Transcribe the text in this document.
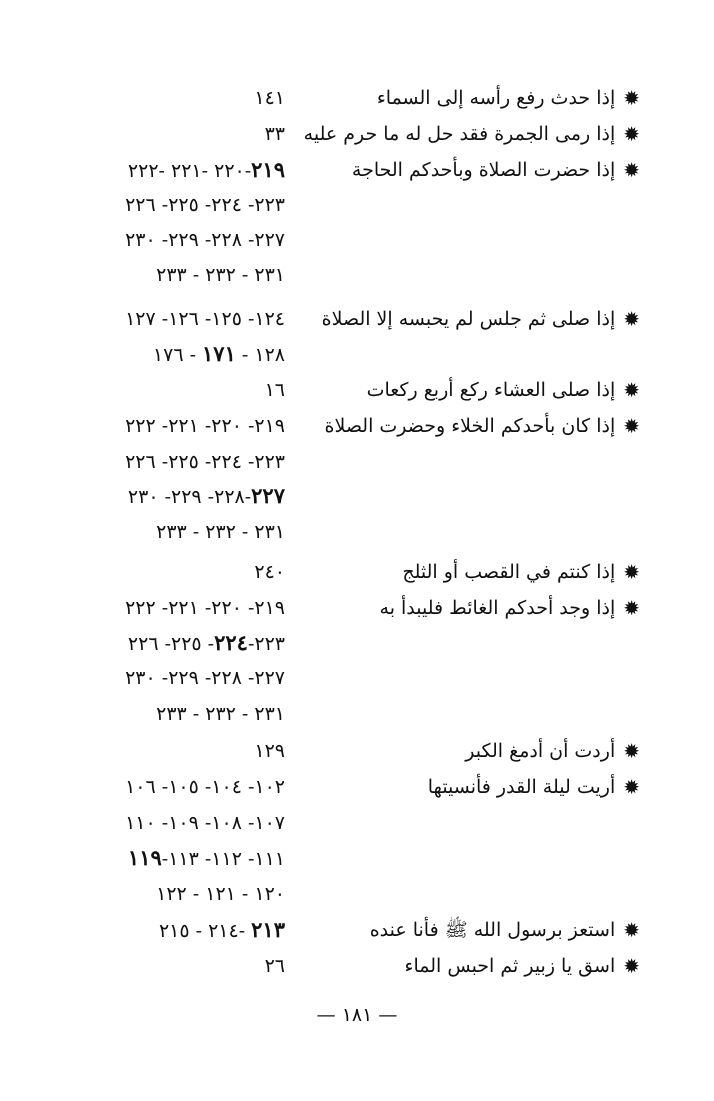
✹إذا حدث رفع رأسه إلى السماء
١٤١
✹إذا رمى الجمرة فقد حل له ما حرم عليه
٣٣
✹إذا حضرت الصلاة وبأحدكم الحاجة
٢١٩-٢٢٠ -٢٢١ -٢٢٢
٢٢٣- ٢٢٤- ٢٢٥- ٢٢٦
٢٢٧- ٢٢٨- ٢٢٩- ٢٣٠
٢٣١ - ٢٣٢ - ٢٣٣
✹إذا صلى ثم جلس لم يحبسه إلا الصلاة
١٢٤- ١٢٥- ١٢٦- ١٢٧
١٢٨ - ١٧١ - ١٧٦
✹إذا صلى العشاء ركع أربع ركعات
١٦
✹إذا كان بأحدكم الخلاء وحضرت الصلاة
٢١٩- ٢٢٠- ٢٢١- ٢٢٢
٢٢٣- ٢٢٤- ٢٢٥- ٢٢٦
٢٢٧-٢٢٨- ٢٢٩- ٢٣٠
٢٣١ - ٢٣٢ - ٢٣٣
✹إذا كنتم في القصب أو الثلج
٢٤٠
✹إذا وجد أحدكم الغائط فليبدأ به
٢١٩- ٢٢٠- ٢٢١- ٢٢٢
٢٢٣-٢٢٤- ٢٢٥- ٢٢٦
٢٢٧- ٢٢٨- ٢٢٩- ٢٣٠
٢٣١ - ٢٣٢ - ٢٣٣
✹أردت أن أدمغ الكبر
١٢٩
✹أريت ليلة القدر فأنسيتها
١٠٢- ١٠٤- ١٠٥- ١٠٦
١٠٧- ١٠٨- ١٠٩- ١١٠
١١١- ١١٢- ١١٣-١١٩
١٢٠ - ١٢١ - ١٢٢
✹استعز برسول الله ﷺ فأنا عنده
٢١٣ -٢١٤ - ٢١٥
✹اسق يا زبير ثم احبس الماء
٢٦
— ١٨١ —
